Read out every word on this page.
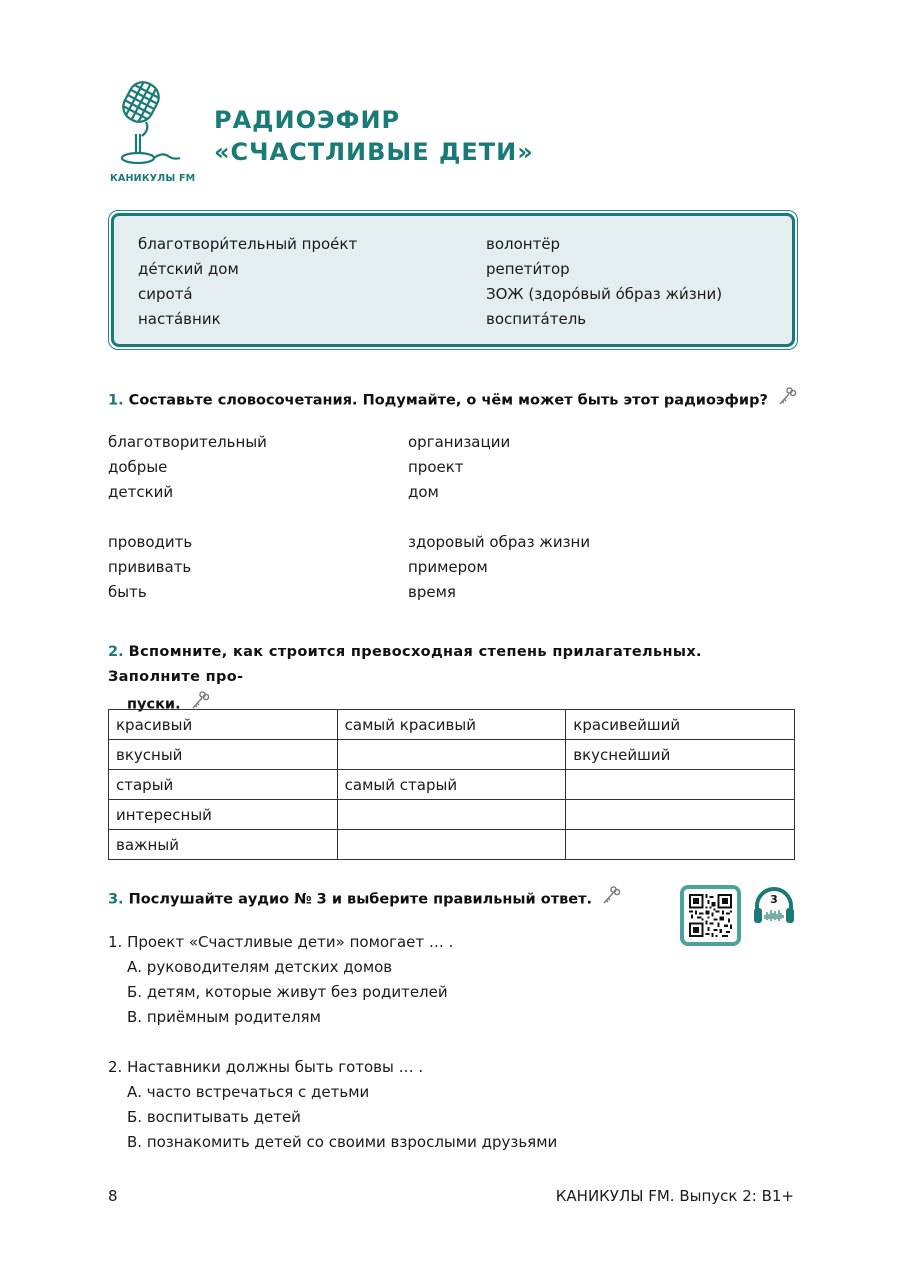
КАНИКУЛЫ FM
РАДИОЭФИР
«СЧАСТЛИВЫЕ ДЕТИ»
благотвори́тельный прое́кт
де́тский дом
сирота́
наста́вник
волонтёр
репети́тор
ЗОЖ (здоро́вый о́браз жи́зни)
воспита́тель
1. Составьте словосочетания. Подумайте, о чём может быть этот радиоэфир?
благотворительный
добрые
детский
организации
проект
дом
проводить
прививать
быть
здоровый образ жизни
примером
время
2. Вспомните, как строится превосходная степень прилагательных. Заполните про-
пуски.
красивый	самый красивый	красивейший
вкусный		вкуснейший
старый	самый старый	
интересный		
важный		
3. Послушайте аудио № 3 и выберите правильный ответ.	3
1. Проект «Счастливые дети» помогает … .
А. руководителям детских домов
Б. детям, которые живут без родителей
В. приёмным родителям
2. Наставники должны быть готовы … .
А. часто встречаться с детьми
Б. воспитывать детей
В. познакомить детей со своими взрослыми друзьями
8	КАНИКУЛЫ FM. Выпуск 2: B1+
